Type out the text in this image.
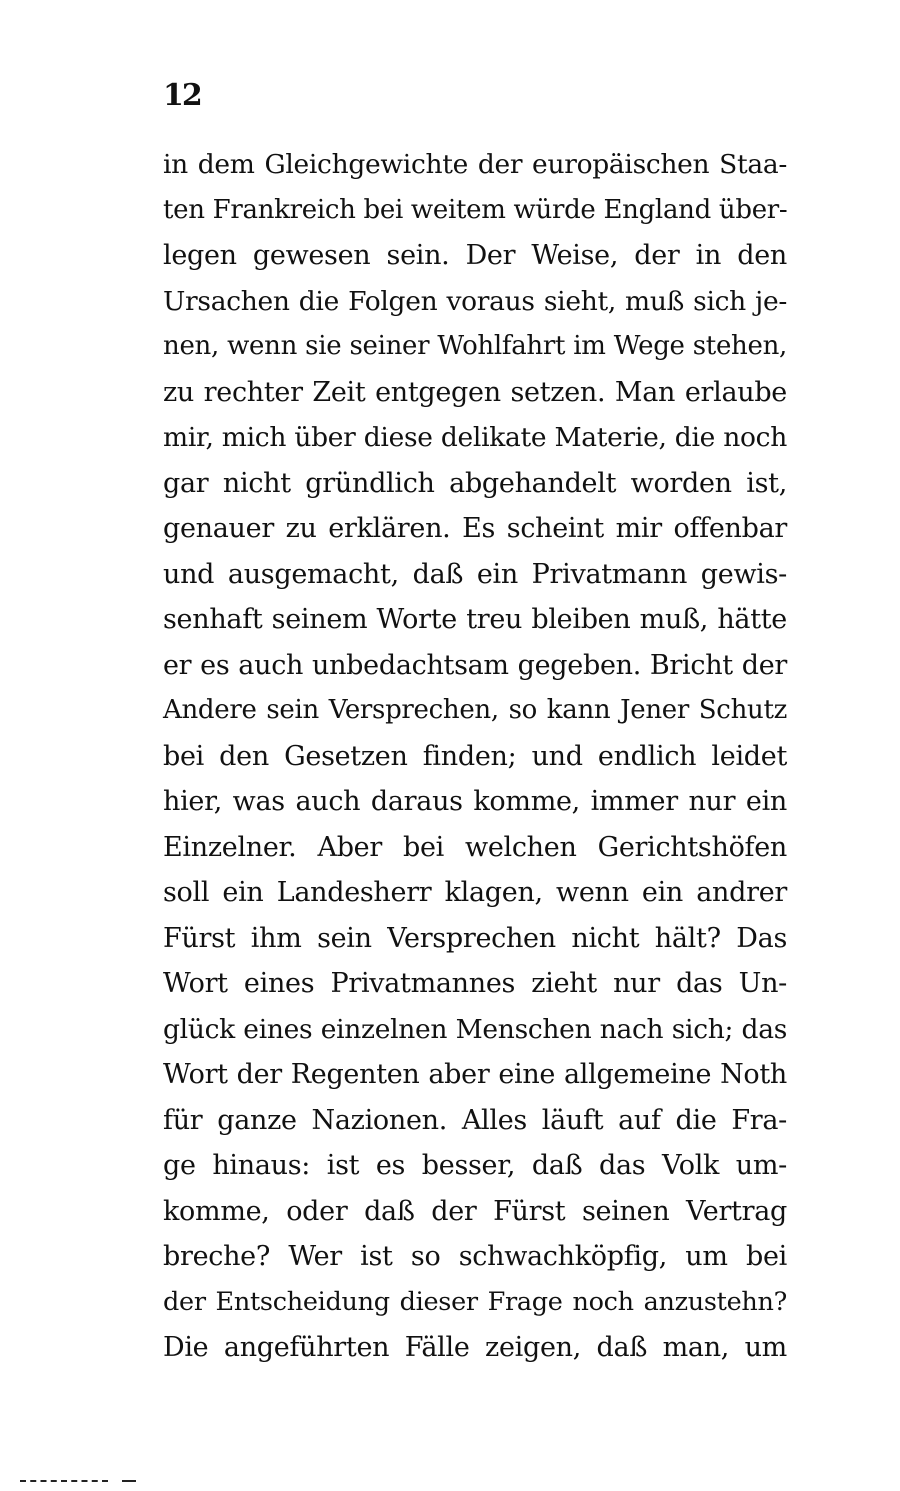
12
in dem Gleichgewichte der europäischen Staa-
ten Frankreich bei weitem würde England über-
legen gewesen sein. Der Weise, der in den
Ursachen die Folgen voraus sieht, muß sich je-
nen, wenn sie seiner Wohlfahrt im Wege stehen,
zu rechter Zeit entgegen setzen. Man erlaube
mir, mich über diese delikate Materie, die noch
gar nicht gründlich abgehandelt worden ist,
genauer zu erklären. Es scheint mir offenbar
und ausgemacht, daß ein Privatmann gewis-
senhaft seinem Worte treu bleiben muß, hätte
er es auch unbedachtsam gegeben. Bricht der
Andere sein Versprechen, so kann Jener Schutz
bei den Gesetzen finden; und endlich leidet
hier, was auch daraus komme, immer nur ein
Einzelner. Aber bei welchen Gerichtshöfen
soll ein Landesherr klagen, wenn ein andrer
Fürst ihm sein Versprechen nicht hält? Das
Wort eines Privatmannes zieht nur das Un-
glück eines einzelnen Menschen nach sich; das
Wort der Regenten aber eine allgemeine Noth
für ganze Nazionen. Alles läuft auf die Fra-
ge hinaus: ist es besser, daß das Volk um-
komme, oder daß der Fürst seinen Vertrag
breche? Wer ist so schwachköpfig, um bei
der Entscheidung dieser Frage noch anzustehn?
Die angeführten Fälle zeigen, daß man, um
